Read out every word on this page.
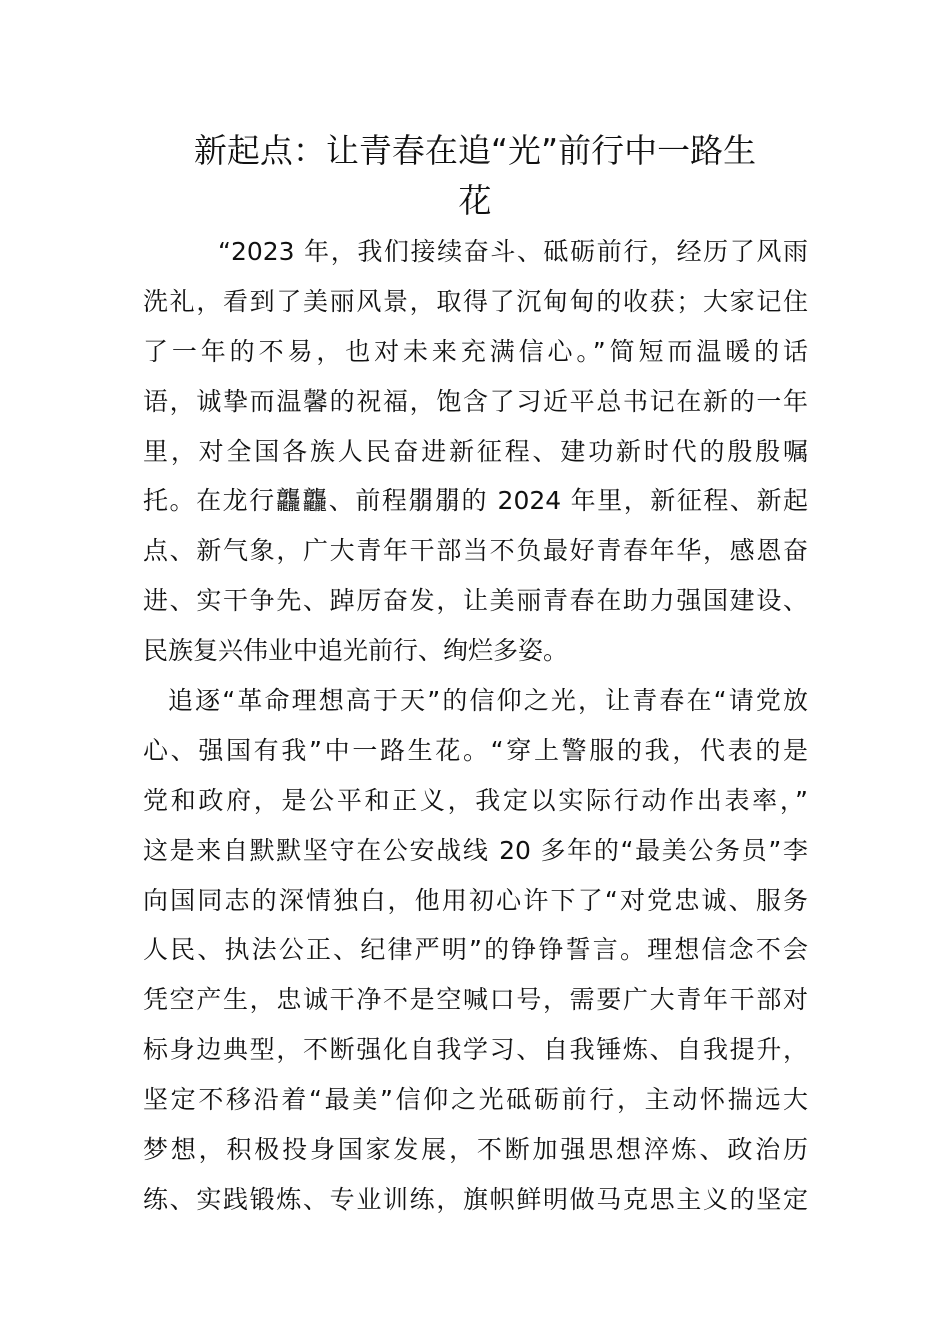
新起点：让青春在追“光”前行中一路生
花
“2023 年，我们接续奋斗、砥砺前行，经历了风雨
洗礼，看到了美丽风景，取得了沉甸甸的收获；大家记住
了一年的不易，也对未来充满信心。”简短而温暖的话
语，诚挚而温馨的祝福，饱含了习近平总书记在新的一年
里，对全国各族人民奋进新征程、建功新时代的殷殷嘱
托。在龙行龘龘、前程朤朤的 2024 年里，新征程、新起
点、新气象，广大青年干部当不负最好青春年华，感恩奋
进、实干争先、踔厉奋发，让美丽青春在助力强国建设、
民族复兴伟业中追光前行、绚烂多姿。
追逐“革命理想高于天”的信仰之光，让青春在“请党放
心、强国有我”中一路生花。“穿上警服的我，代表的是
党和政府，是公平和正义，我定以实际行动作出表率，”
这是来自默默坚守在公安战线 20 多年的“最美公务员”李
向国同志的深情独白，他用初心许下了“对党忠诚、服务
人民、执法公正、纪律严明”的铮铮誓言。理想信念不会
凭空产生，忠诚干净不是空喊口号，需要广大青年干部对
标身边典型，不断强化自我学习、自我锤炼、自我提升，
坚定不移沿着“最美”信仰之光砥砺前行，主动怀揣远大
梦想，积极投身国家发展，不断加强思想淬炼、政治历
练、实践锻炼、专业训练，旗帜鲜明做马克思主义的坚定
